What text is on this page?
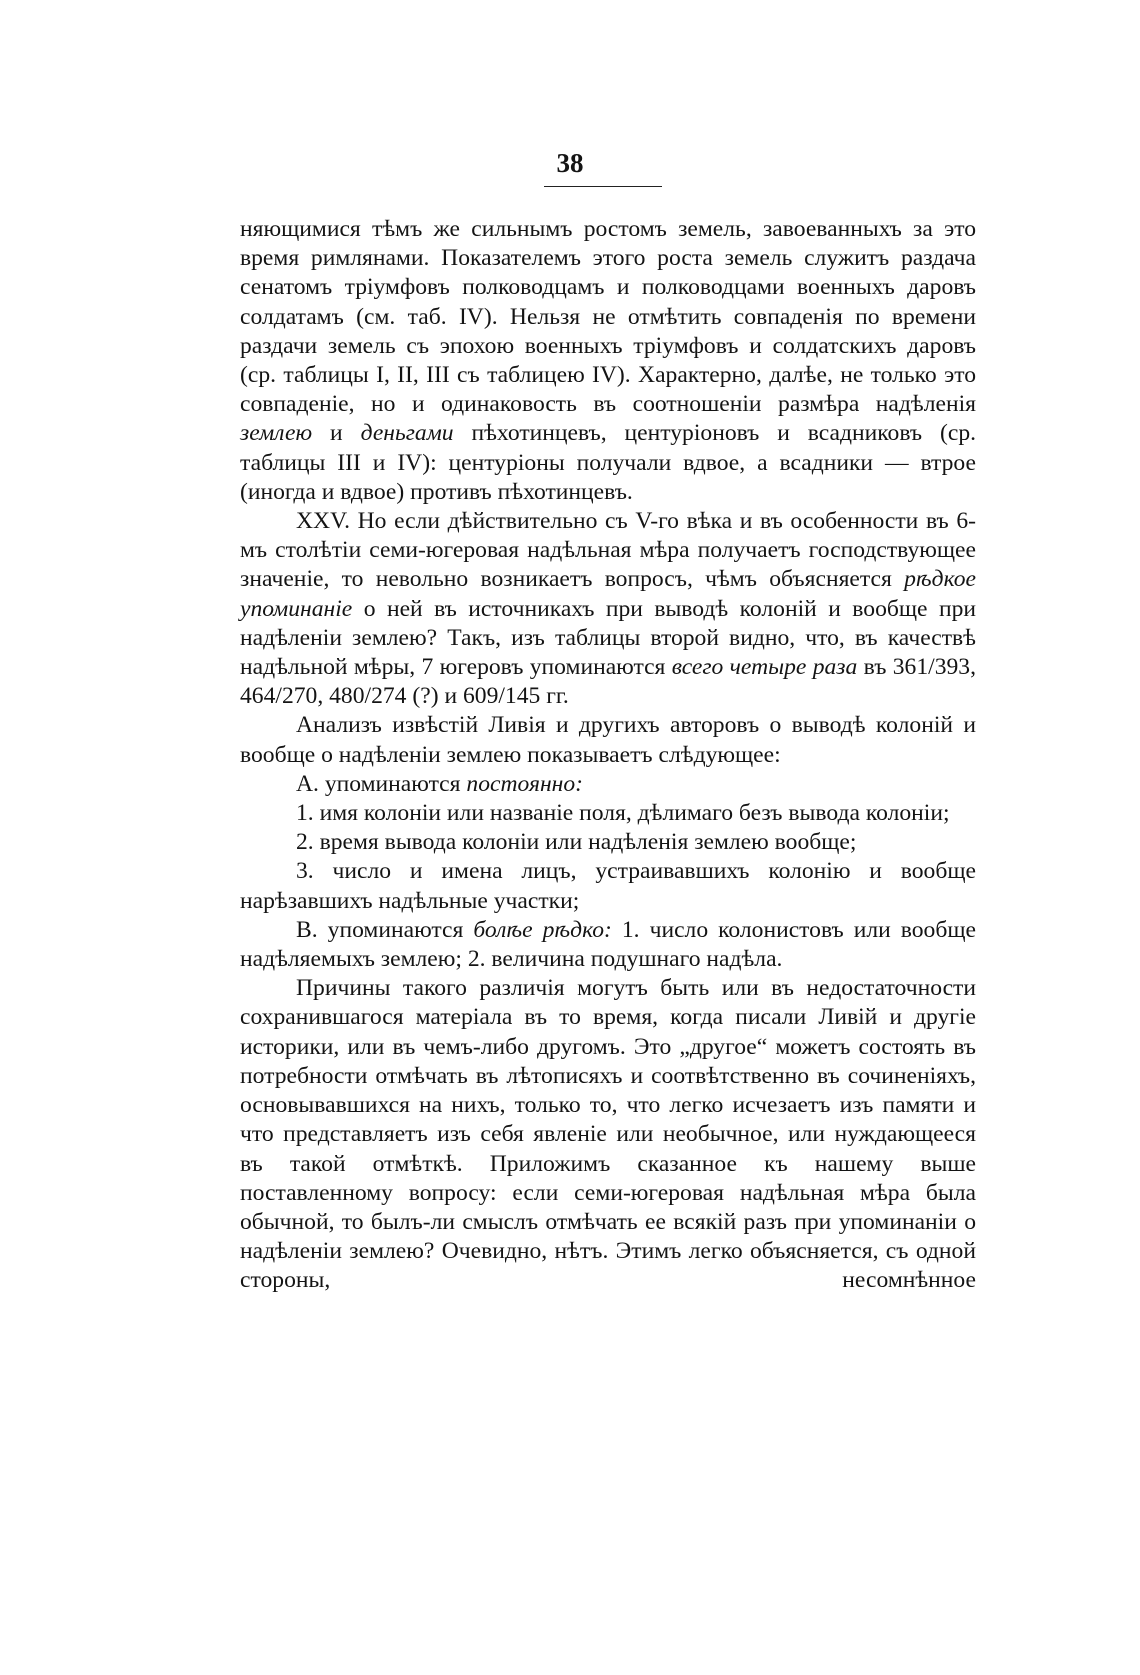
38

няющимися тѣмъ же сильнымъ ростомъ земель, завоеванныхъ за это время римлянами. Показателемъ этого роста земель служитъ раздача сенатомъ тріумфовъ полководцамъ и полководцами военныхъ даровъ солдатамъ (см. таб. IV). Нельзя не отмѣтить совпаденія по времени раздачи земель съ эпохою военныхъ тріумфовъ и солдатскихъ даровъ (ср. таблицы I, II, III съ таблицею IV). Характерно, далѣе, не только это совпаденіе, но и одинаковость въ соотношеніи размѣра надѣленія землею и деньгами пѣхотинцевъ, центуріоновъ и всадниковъ (ср. таблицы III и IV): центуріоны получали вдвое, а всадники — втрое (иногда и вдвое) противъ пѣхотинцевъ.

XXV. Но если дѣйствительно съ V-го вѣка и въ особенности въ 6-мъ столѣтіи семи-югеровая надѣльная мѣра получаетъ господствующее значеніе, то невольно возникаетъ вопросъ, чѣмъ объясняется рѣдкое упоминаніе о ней въ источникахъ при выводѣ колоній и вообще при надѣленіи землею? Такъ, изъ таблицы второй видно, что, въ качествѣ надѣльной мѣры, 7 югеровъ упоминаются всего четыре раза въ 361/393, 464/270, 480/274 (?) и 609/145 гг.

Анализъ извѣстій Ливія и другихъ авторовъ о выводѣ колоній и вообще о надѣленіи землею показываетъ слѣдующее:

A. упоминаются постоянно:

1. имя колоніи или названіе поля, дѣлимаго безъ вывода колоніи;

2. время вывода колоніи или надѣленія землею вообще;

3. число и имена лицъ, устраивавшихъ колонію и вообще нарѣзавшихъ надѣльные участки;

B. упоминаются болѣе рѣдко: 1. число колонистовъ или вообще надѣляемыхъ землею; 2. величина подушнаго надѣла.

Причины такого различія могутъ быть или въ недостаточности сохранившагося матеріала въ то время, когда писали Ливій и другіе историки, или въ чемъ-либо другомъ. Это „другое“ можетъ состоять въ потребности отмѣчать въ лѣтописяхъ и соотвѣтственно въ сочиненіяхъ, основывавшихся на нихъ, только то, что легко исчезаетъ изъ памяти и что представляетъ изъ себя явленіе или необычное, или нуждающееся въ такой отмѣткѣ. Приложимъ сказанное къ нашему выше поставленному вопросу: если семи-югеровая надѣльная мѣра была обычной, то былъ-ли смыслъ отмѣчать ее всякій разъ при упоминаніи о надѣленіи землею? Очевидно, нѣтъ. Этимъ легко объясняется, съ одной стороны, несомнѣнное
